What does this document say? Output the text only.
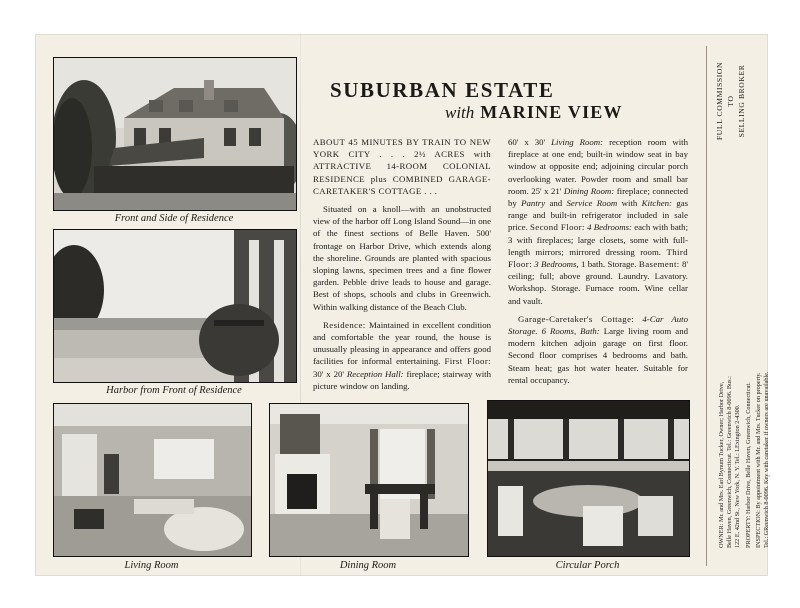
Front and Side of Residence
Harbor from Front of Residence
Living Room	Dining Room	Circular Porch
SUBURBAN ESTATE
with MARINE VIEW

ABOUT 45 MINUTES BY TRAIN TO NEW YORK CITY . . . 2½ ACRES with ATTRACTIVE 14-ROOM COLONIAL RESIDENCE plus COMBINED GARAGE-CARETAKER'S COTTAGE . . .

Situated on a knoll—with an unobstructed view of the harbor off Long Island Sound—in one of the finest sections of Belle Haven. 500' frontage on Harbor Drive, which extends along the shoreline. Grounds are planted with spacious sloping lawns, specimen trees and a fine flower garden. Pebble drive leads to house and garage. Best of shops, schools and clubs in Greenwich. Within walking distance of the Beach Club.

Residence: Maintained in excellent condition and comfortable the year round, the house is unusually pleasing in appearance and offers good facilities for informal entertaining. First Floor: 30' x 20' Reception Hall: fireplace; stairway with picture window on landing.

60' x 30' Living Room: reception room with fireplace at one end; built-in window seat in bay window at opposite end; adjoining circular porch overlooking water. Powder room and small bar room. 25' x 21' Dining Room: fireplace; connected by Pantry and Service Room with Kitchen: gas range and built-in refrigerator included in sale price. Second Floor: 4 Bedrooms: each with bath; 3 with fireplaces; large closets, some with full-length mirrors; mirrored dressing room. Third Floor: 3 Bedrooms, 1 bath. Storage. Basement: 8' ceiling; full; above ground. Laundry. Lavatory. Workshop. Storage. Furnace room. Wine cellar and vault.

Garage-Caretaker's Cottage: 4-Car Auto Storage. 6 Rooms, Bath: Large living room and modern kitchen adjoin garage on first floor. Second floor comprises 4 bedrooms and bath. Steam heat; gas hot water heater. Suitable for rental occupancy.

FULL COMMISSION TO SELLING BROKER

OWNER: Mr. and Mrs. Earl Bynum Tucker, Owner; Harbor Drive, Belle Haven, Greenwich, Connecticut. Tel.: Greenwich 8-0096. Bus.: 122 E. 42nd St., New York, N. Y. Tel.: LExington 2-4300. PROPERTY: Harbor Drive, Belle Haven, Greenwich, Connecticut. INSPECTION: By appointment with Mr. and Mrs. Tucker on property. Tel.: GReenwich 8-0096. Key with caretaker if owners are unavailable.
